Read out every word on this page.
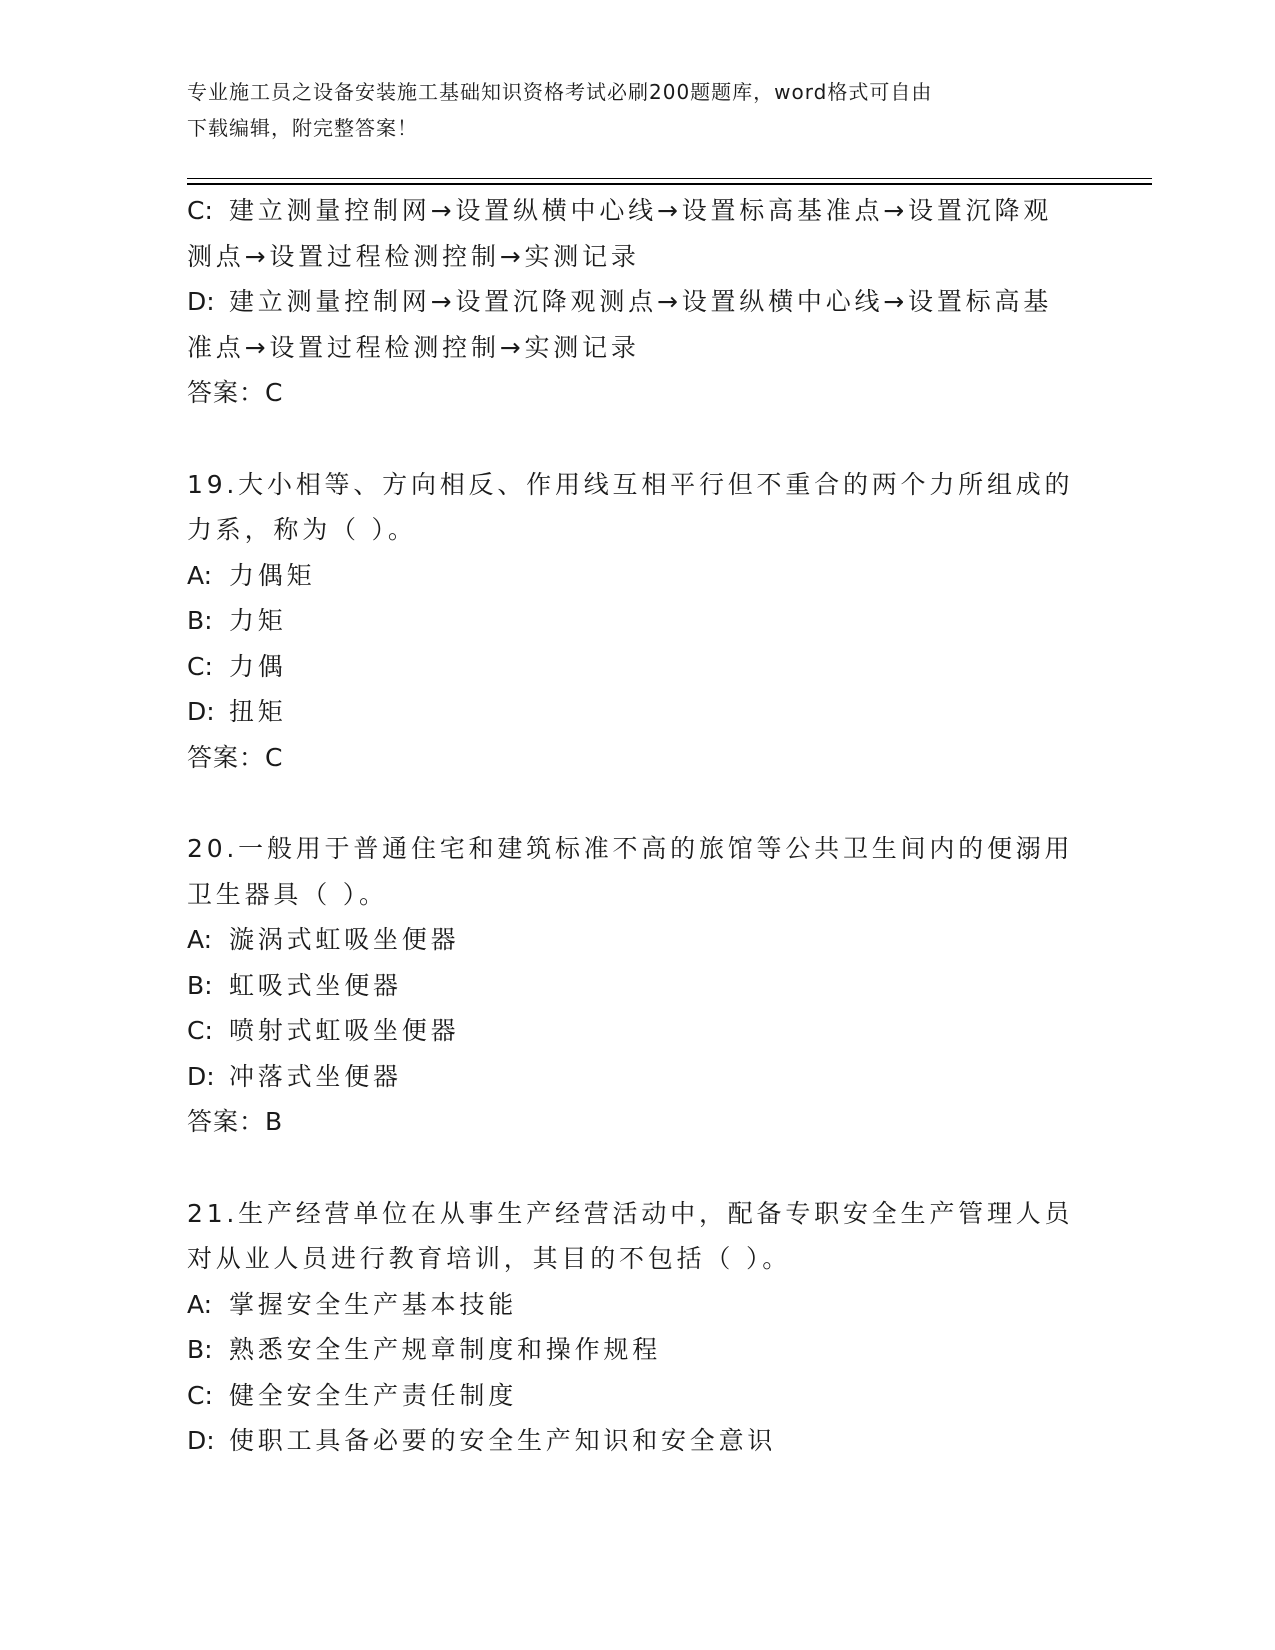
专业施工员之设备安装施工基础知识资格考试必刷200题题库，word格式可自由
下载编辑，附完整答案！

C: 建立测量控制网→设置纵横中心线→设置标高基准点→设置沉降观

测点→设置过程检测控制→实测记录

D: 建立测量控制网→设置沉降观测点→设置纵横中心线→设置标高基

准点→设置过程检测控制→实测记录

答案：C

19.大小相等、方向相反、作用线互相平行但不重合的两个力所组成的

力系，称为（ ）。

A: 力偶矩

B: 力矩

C: 力偶

D: 扭矩

答案：C

20.一般用于普通住宅和建筑标准不高的旅馆等公共卫生间内的便溺用

卫生器具（ ）。

A: 漩涡式虹吸坐便器

B: 虹吸式坐便器

C: 喷射式虹吸坐便器

D: 冲落式坐便器

答案：B

21.生产经营单位在从事生产经营活动中，配备专职安全生产管理人员

对从业人员进行教育培训，其目的不包括（ ）。

A: 掌握安全生产基本技能

B: 熟悉安全生产规章制度和操作规程

C: 健全安全生产责任制度

D: 使职工具备必要的安全生产知识和安全意识
